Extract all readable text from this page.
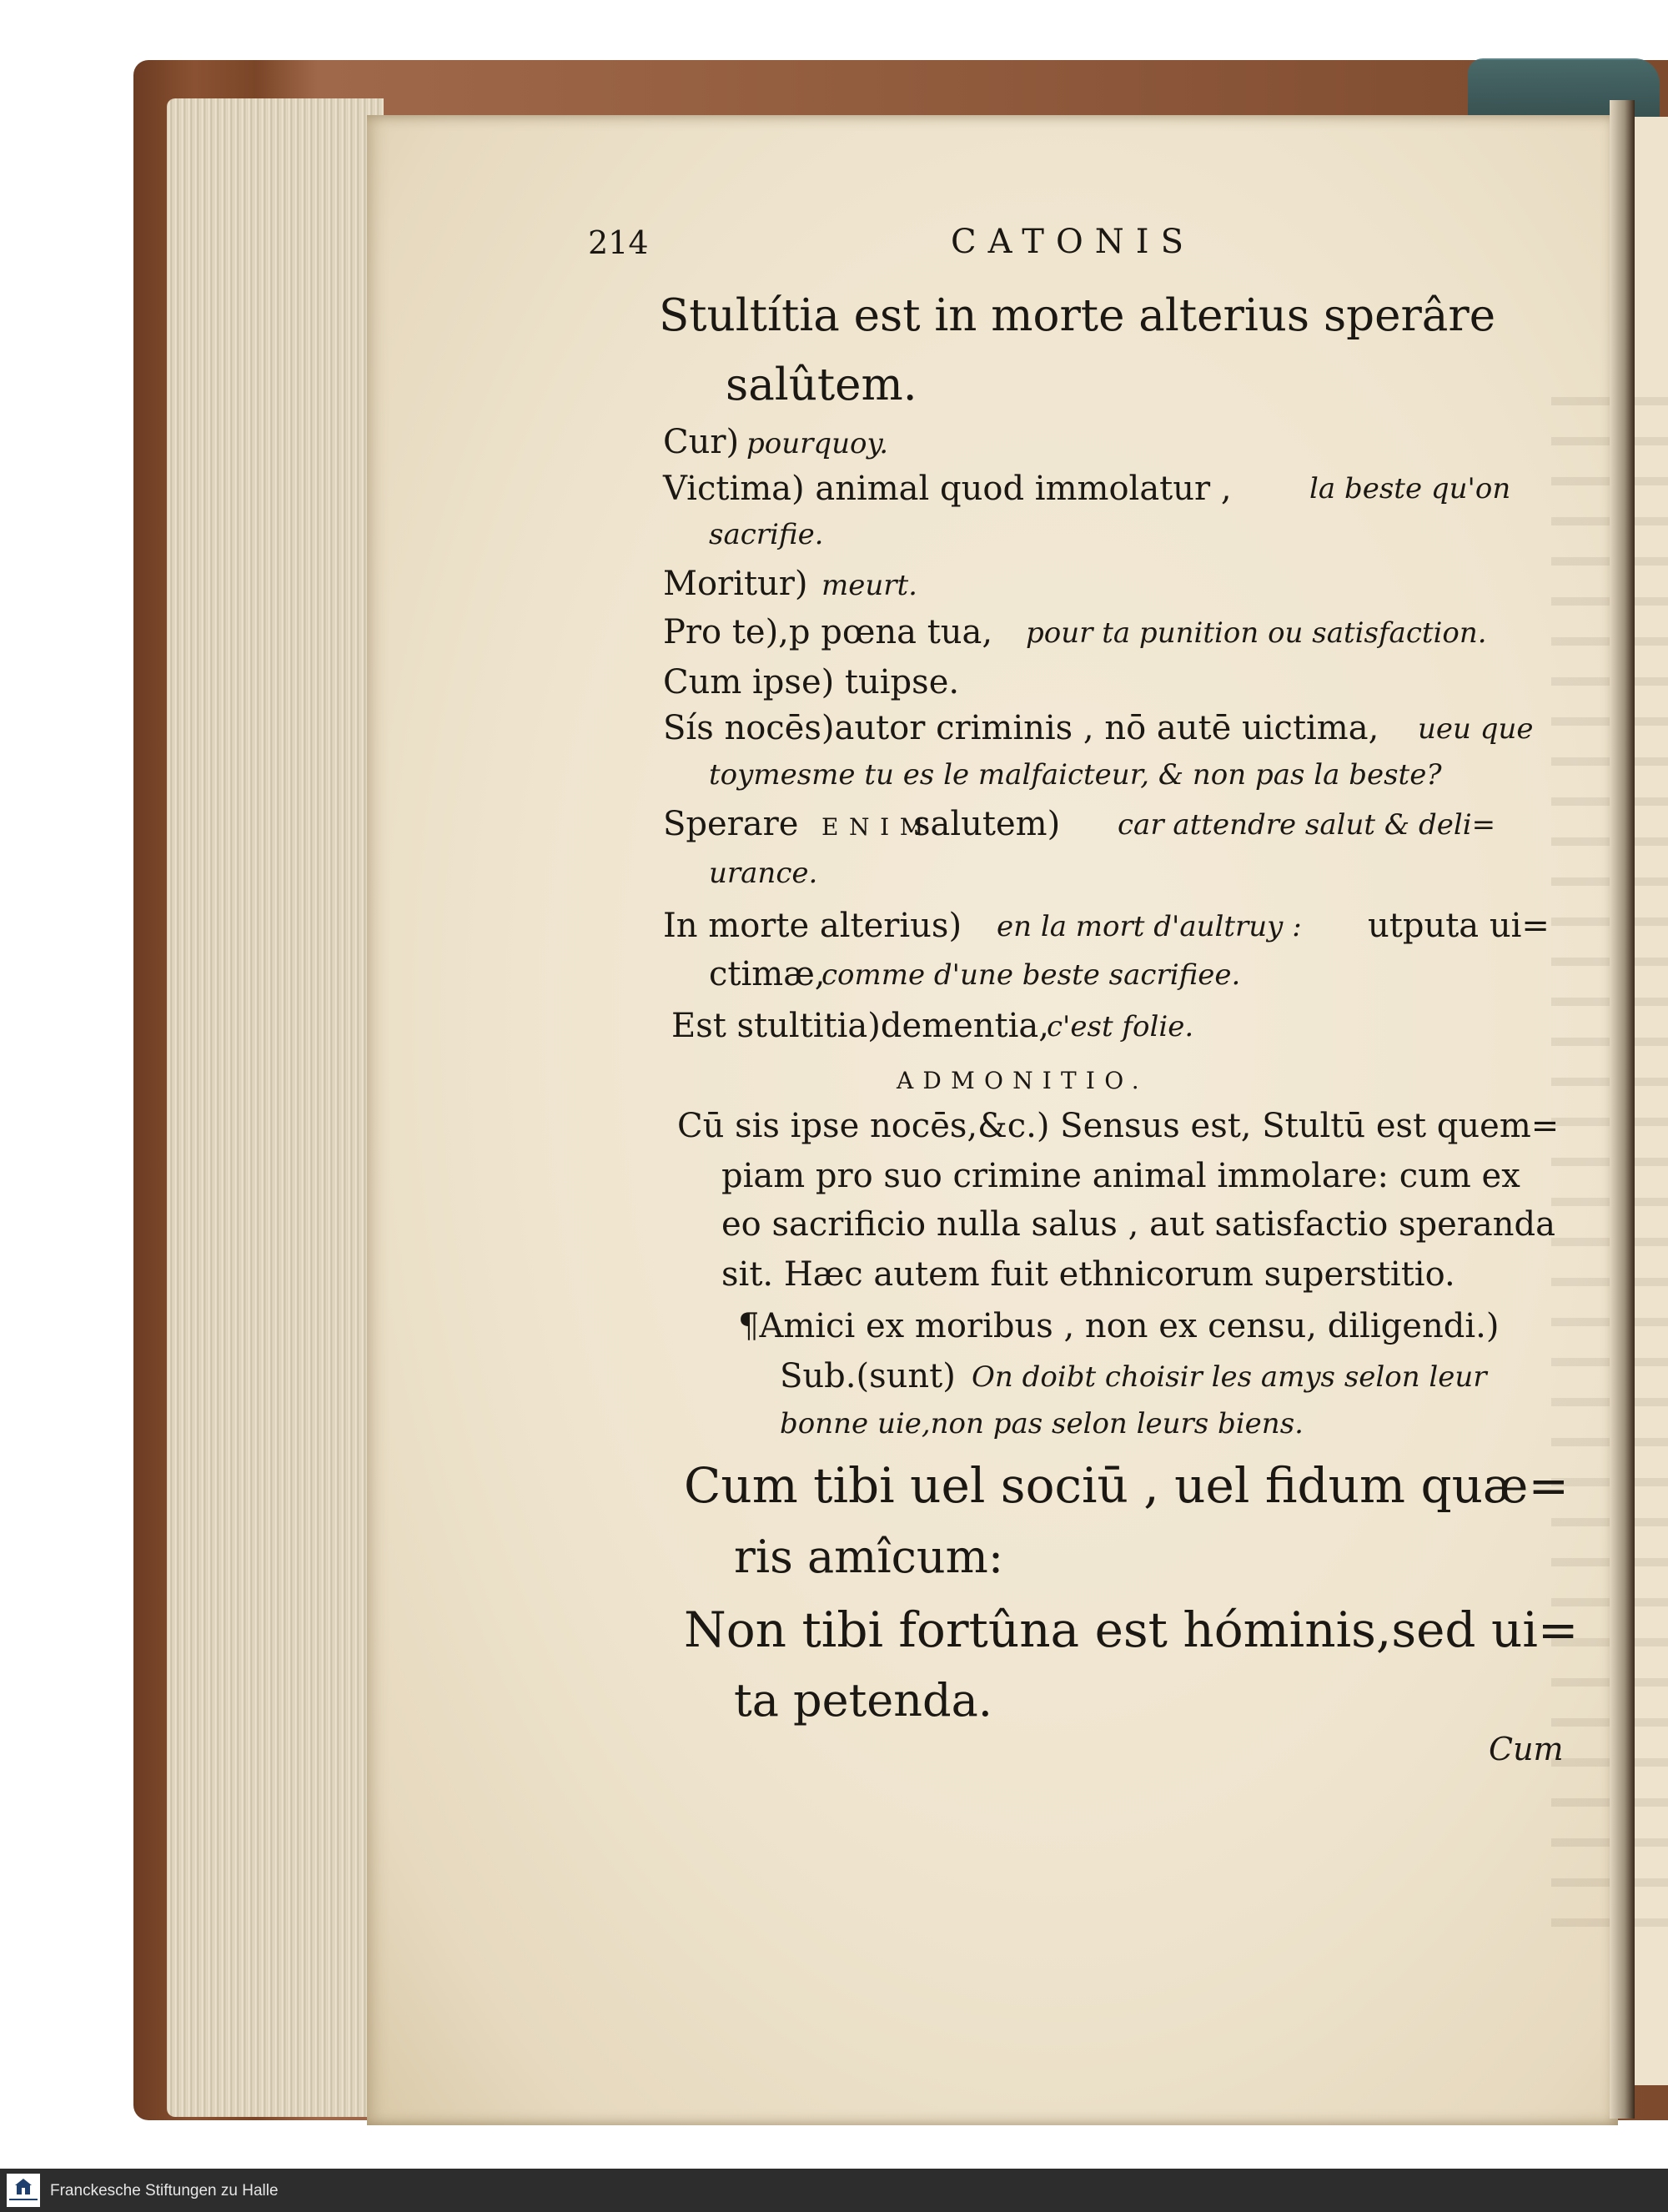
214	CATONIS
Stultítia est in morte alterius sperâre
salûtem.
Cur) pourquoy.
Victima) animal quod immolatur ,	la beste qu'on
sacrifie.
Moritur) meurt.
Pro te),p pœna tua, pour ta punition ou satisfaction.
Cum ipse) tuipse.
Sís nocēs)autor criminis , nō autē uictima, ueu que
toymesme tu es le malfaicteur, & non pas la beste?
Sperare ENIM
salutem) car attendre salut & deli=
urance.
In morte alterius) en la mort d'aultruy : utputa ui=
ctimæ,
comme d'une beste sacrifiee.
Est stultitia)dementia,
c'est folie.
ADMONITIO.
Cū sis ipse nocēs,&c.) Sensus est, Stultū est quem=
piam pro suo crimine animal immolare: cum ex
eo sacrificio nulla salus , aut satisfactio speranda
sit. Hæc autem fuit ethnicorum superstitio.
¶Amici ex moribus , non ex censu, diligendi.)
Sub.(sunt) On doibt choisir les amys selon leur
bonne uie,non pas selon leurs biens.
Cum tibi uel sociū , uel fidum quæ=
ris amîcum:
Non tibi fortûna est hóminis,sed ui=
ta petenda.
Cum
Franckesche Stiftungen zu Halle
